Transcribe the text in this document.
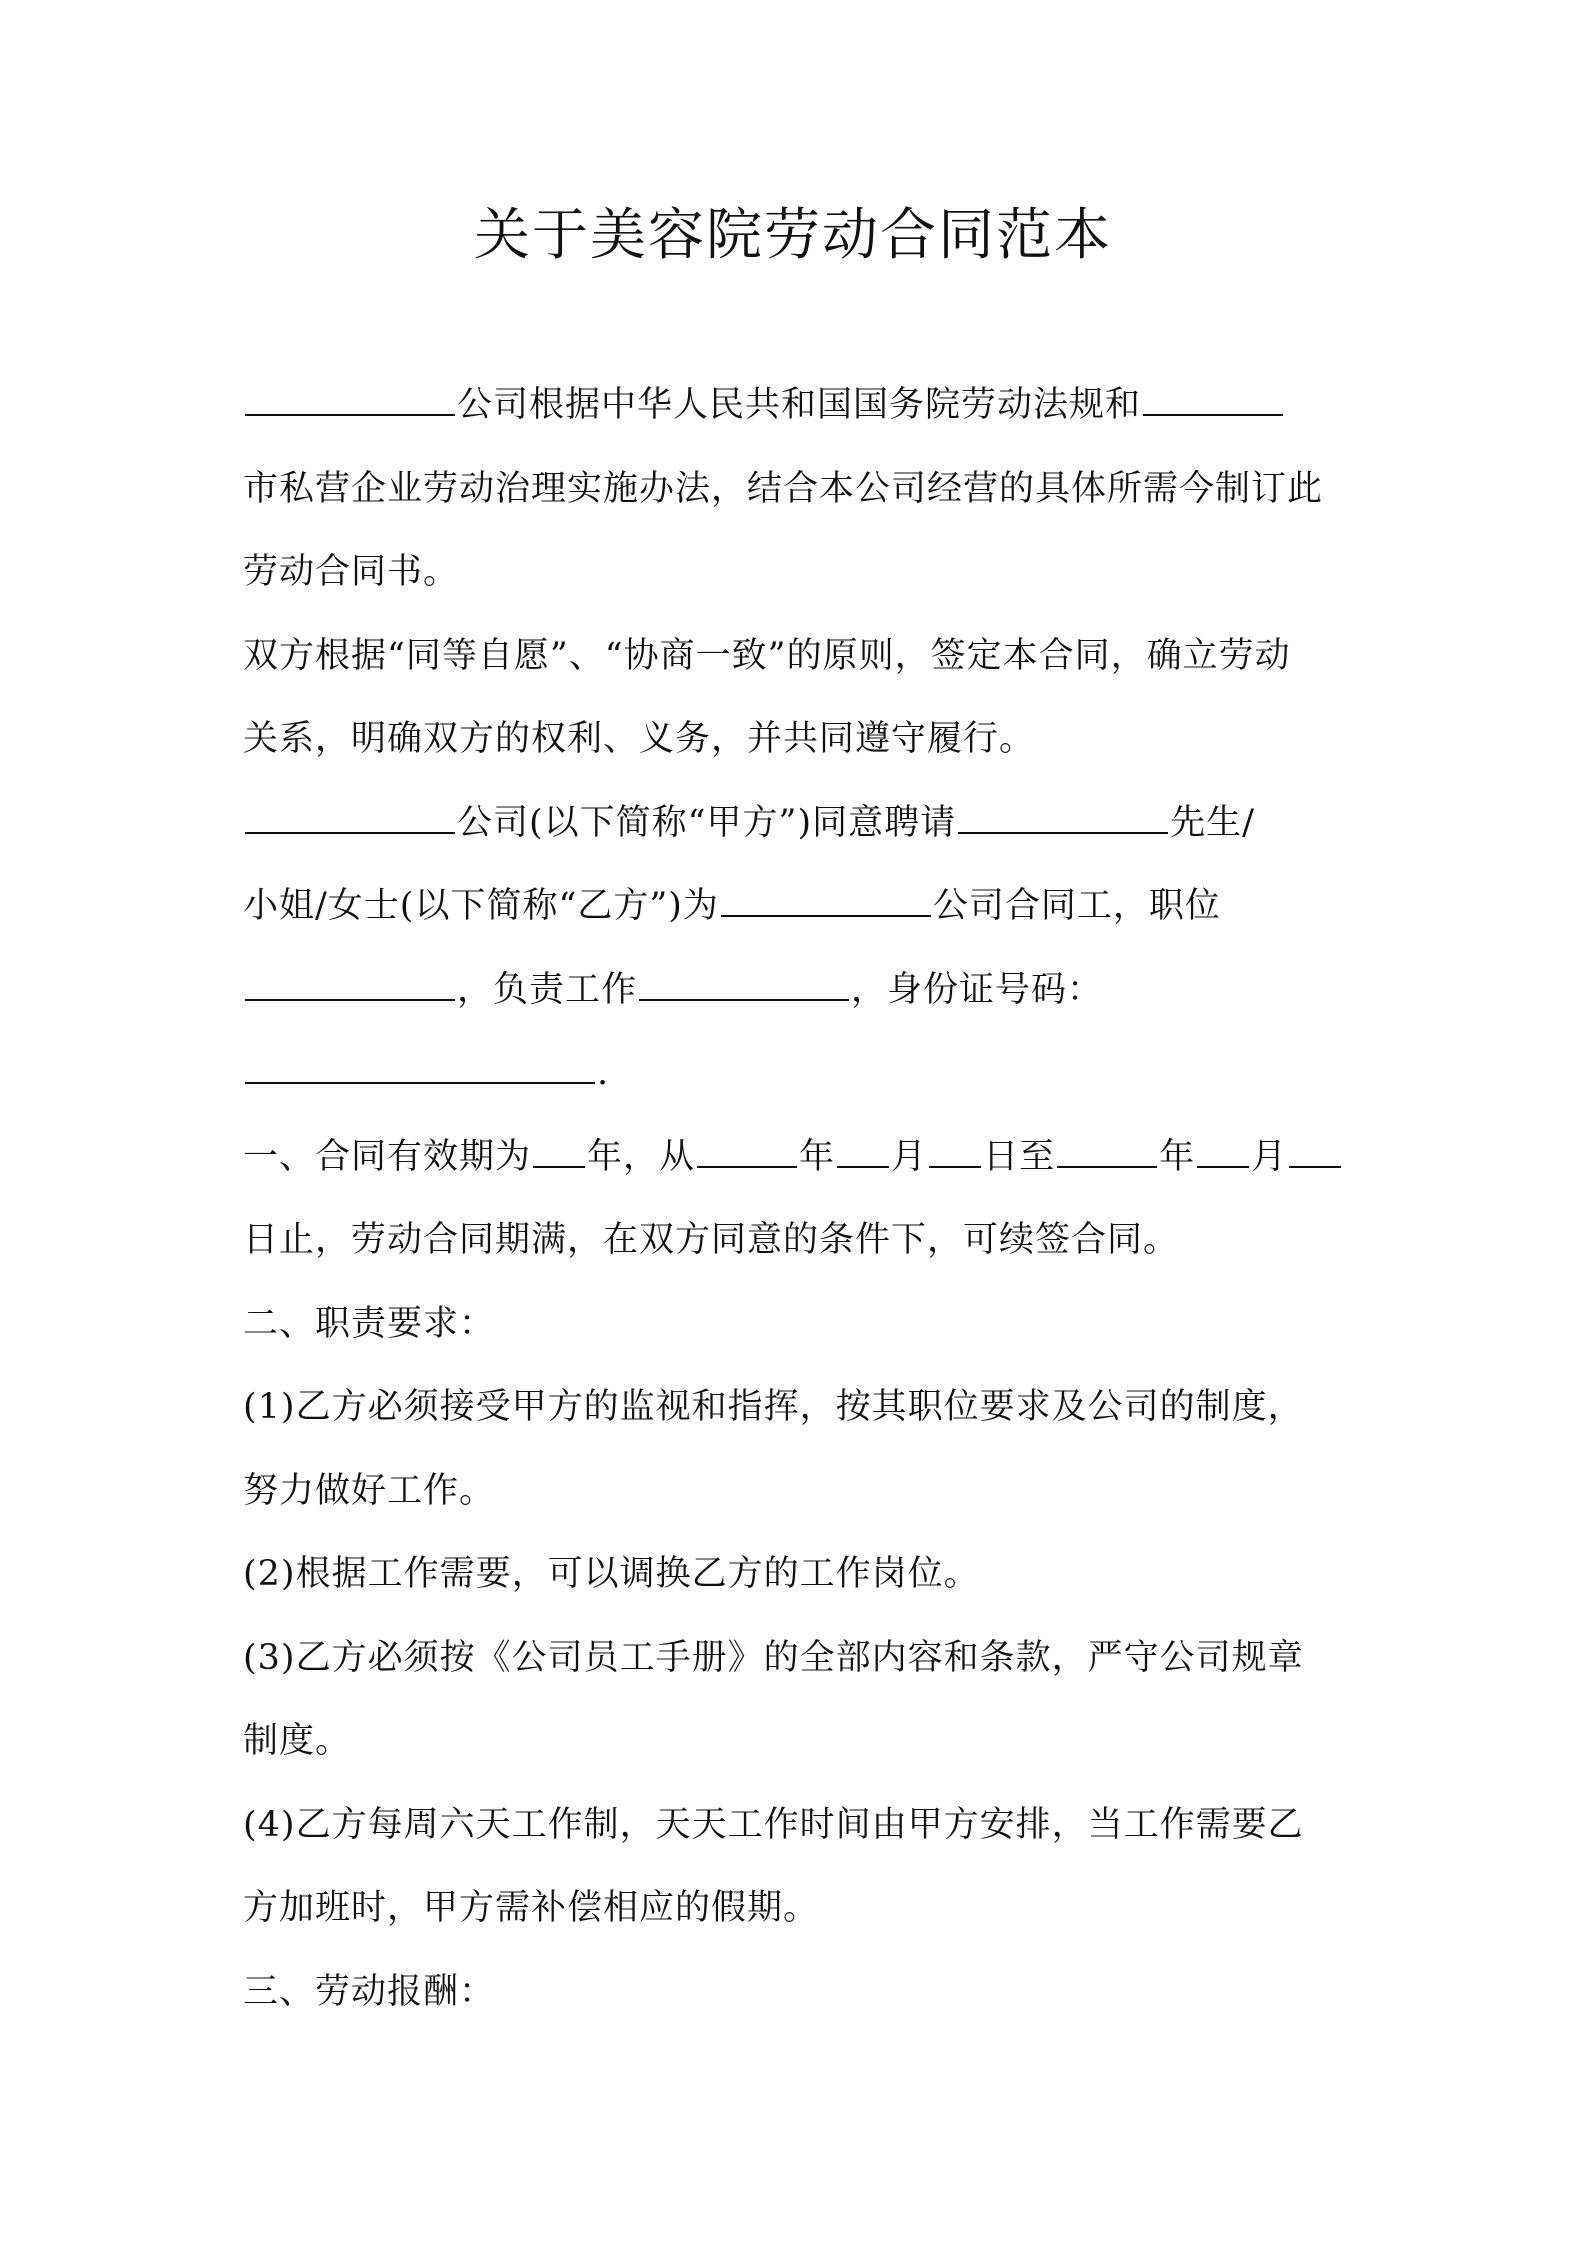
关于美容院劳动合同范本
公司根据中华人民共和国国务院劳动法规和
市私营企业劳动治理实施办法，结合本公司经营的具体所需今制订此
劳动合同书。
双方根据“同等自愿”、“协商一致”的原则，签定本合同，确立劳动
关系，明确双方的权利、义务，并共同遵守履行。
公司(以下简称“甲方”)同意聘请	先生/
小姐/女士(以下简称“乙方”)为	公司合同工，职位
，负责工作	，身份证号码：
.
一、合同有效期为 年，从	年 月 日至	年 月
日止，劳动合同期满，在双方同意的条件下，可续签合同。
二、职责要求：
(1)乙方必须接受甲方的监视和指挥，按其职位要求及公司的制度，
努力做好工作。
(2)根据工作需要，可以调换乙方的工作岗位。
(3)乙方必须按《公司员工手册》的全部内容和条款，严守公司规章
制度。
(4)乙方每周六天工作制，天天工作时间由甲方安排，当工作需要乙
方加班时，甲方需补偿相应的假期。
三、劳动报酬：
